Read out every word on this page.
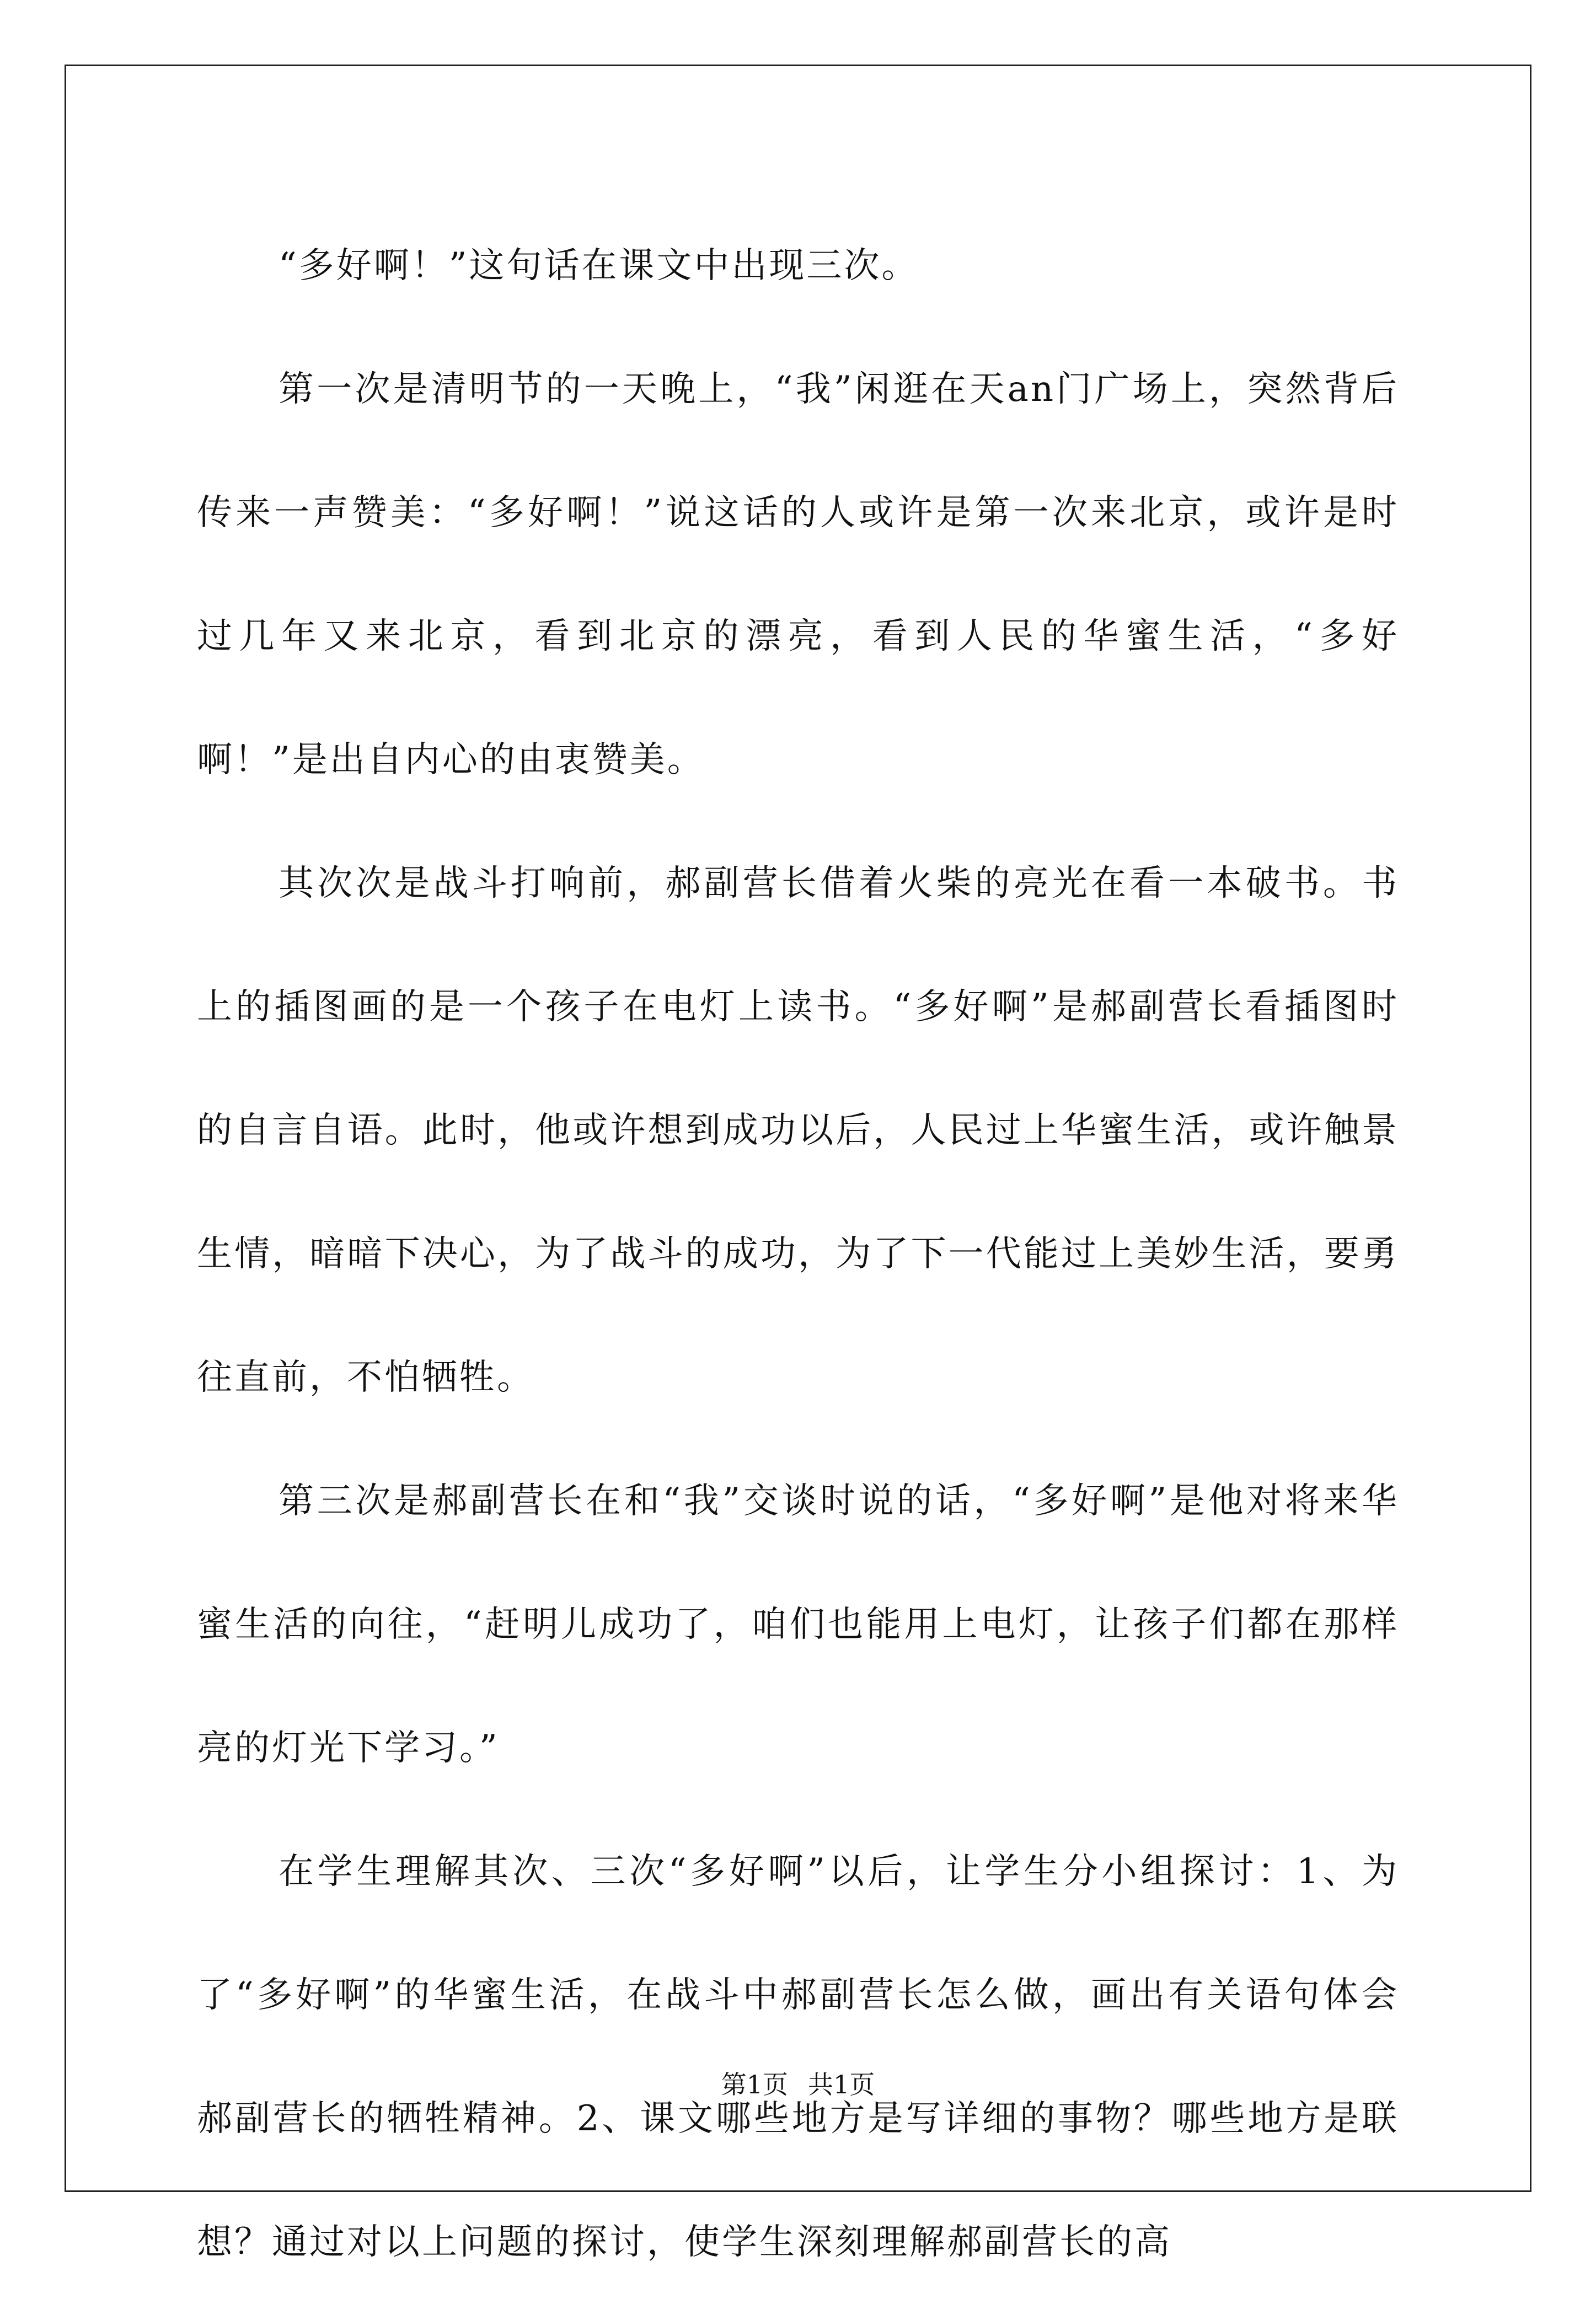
“多好啊！”这句话在课文中出现三次。

第一次是清明节的一天晚上，“我”闲逛在天an门广场上，突然背后传来一声赞美：“多好啊！”说这话的人或许是第一次来北京，或许是时过几年又来北京，看到北京的漂亮，看到人民的华蜜生活，“多好啊！”是出自内心的由衷赞美。

其次次是战斗打响前，郝副营长借着火柴的亮光在看一本破书。书上的插图画的是一个孩子在电灯上读书。“多好啊”是郝副营长看插图时的自言自语。此时，他或许想到成功以后，人民过上华蜜生活，或许触景生情，暗暗下决心，为了战斗的成功，为了下一代能过上美妙生活，要勇往直前，不怕牺牲。

第三次是郝副营长在和“我”交谈时说的话，“多好啊”是他对将来华蜜生活的向往，“赶明儿成功了，咱们也能用上电灯，让孩子们都在那样亮的灯光下学习。”

在学生理解其次、三次“多好啊”以后，让学生分小组探讨：1、为了“多好啊”的华蜜生活，在战斗中郝副营长怎么做，画出有关语句体会郝副营长的牺牲精神。2、课文哪些地方是写详细的事物？哪些地方是联想？通过对以上问题的探讨，使学生深刻理解郝副营长的高

第1页 共1页
